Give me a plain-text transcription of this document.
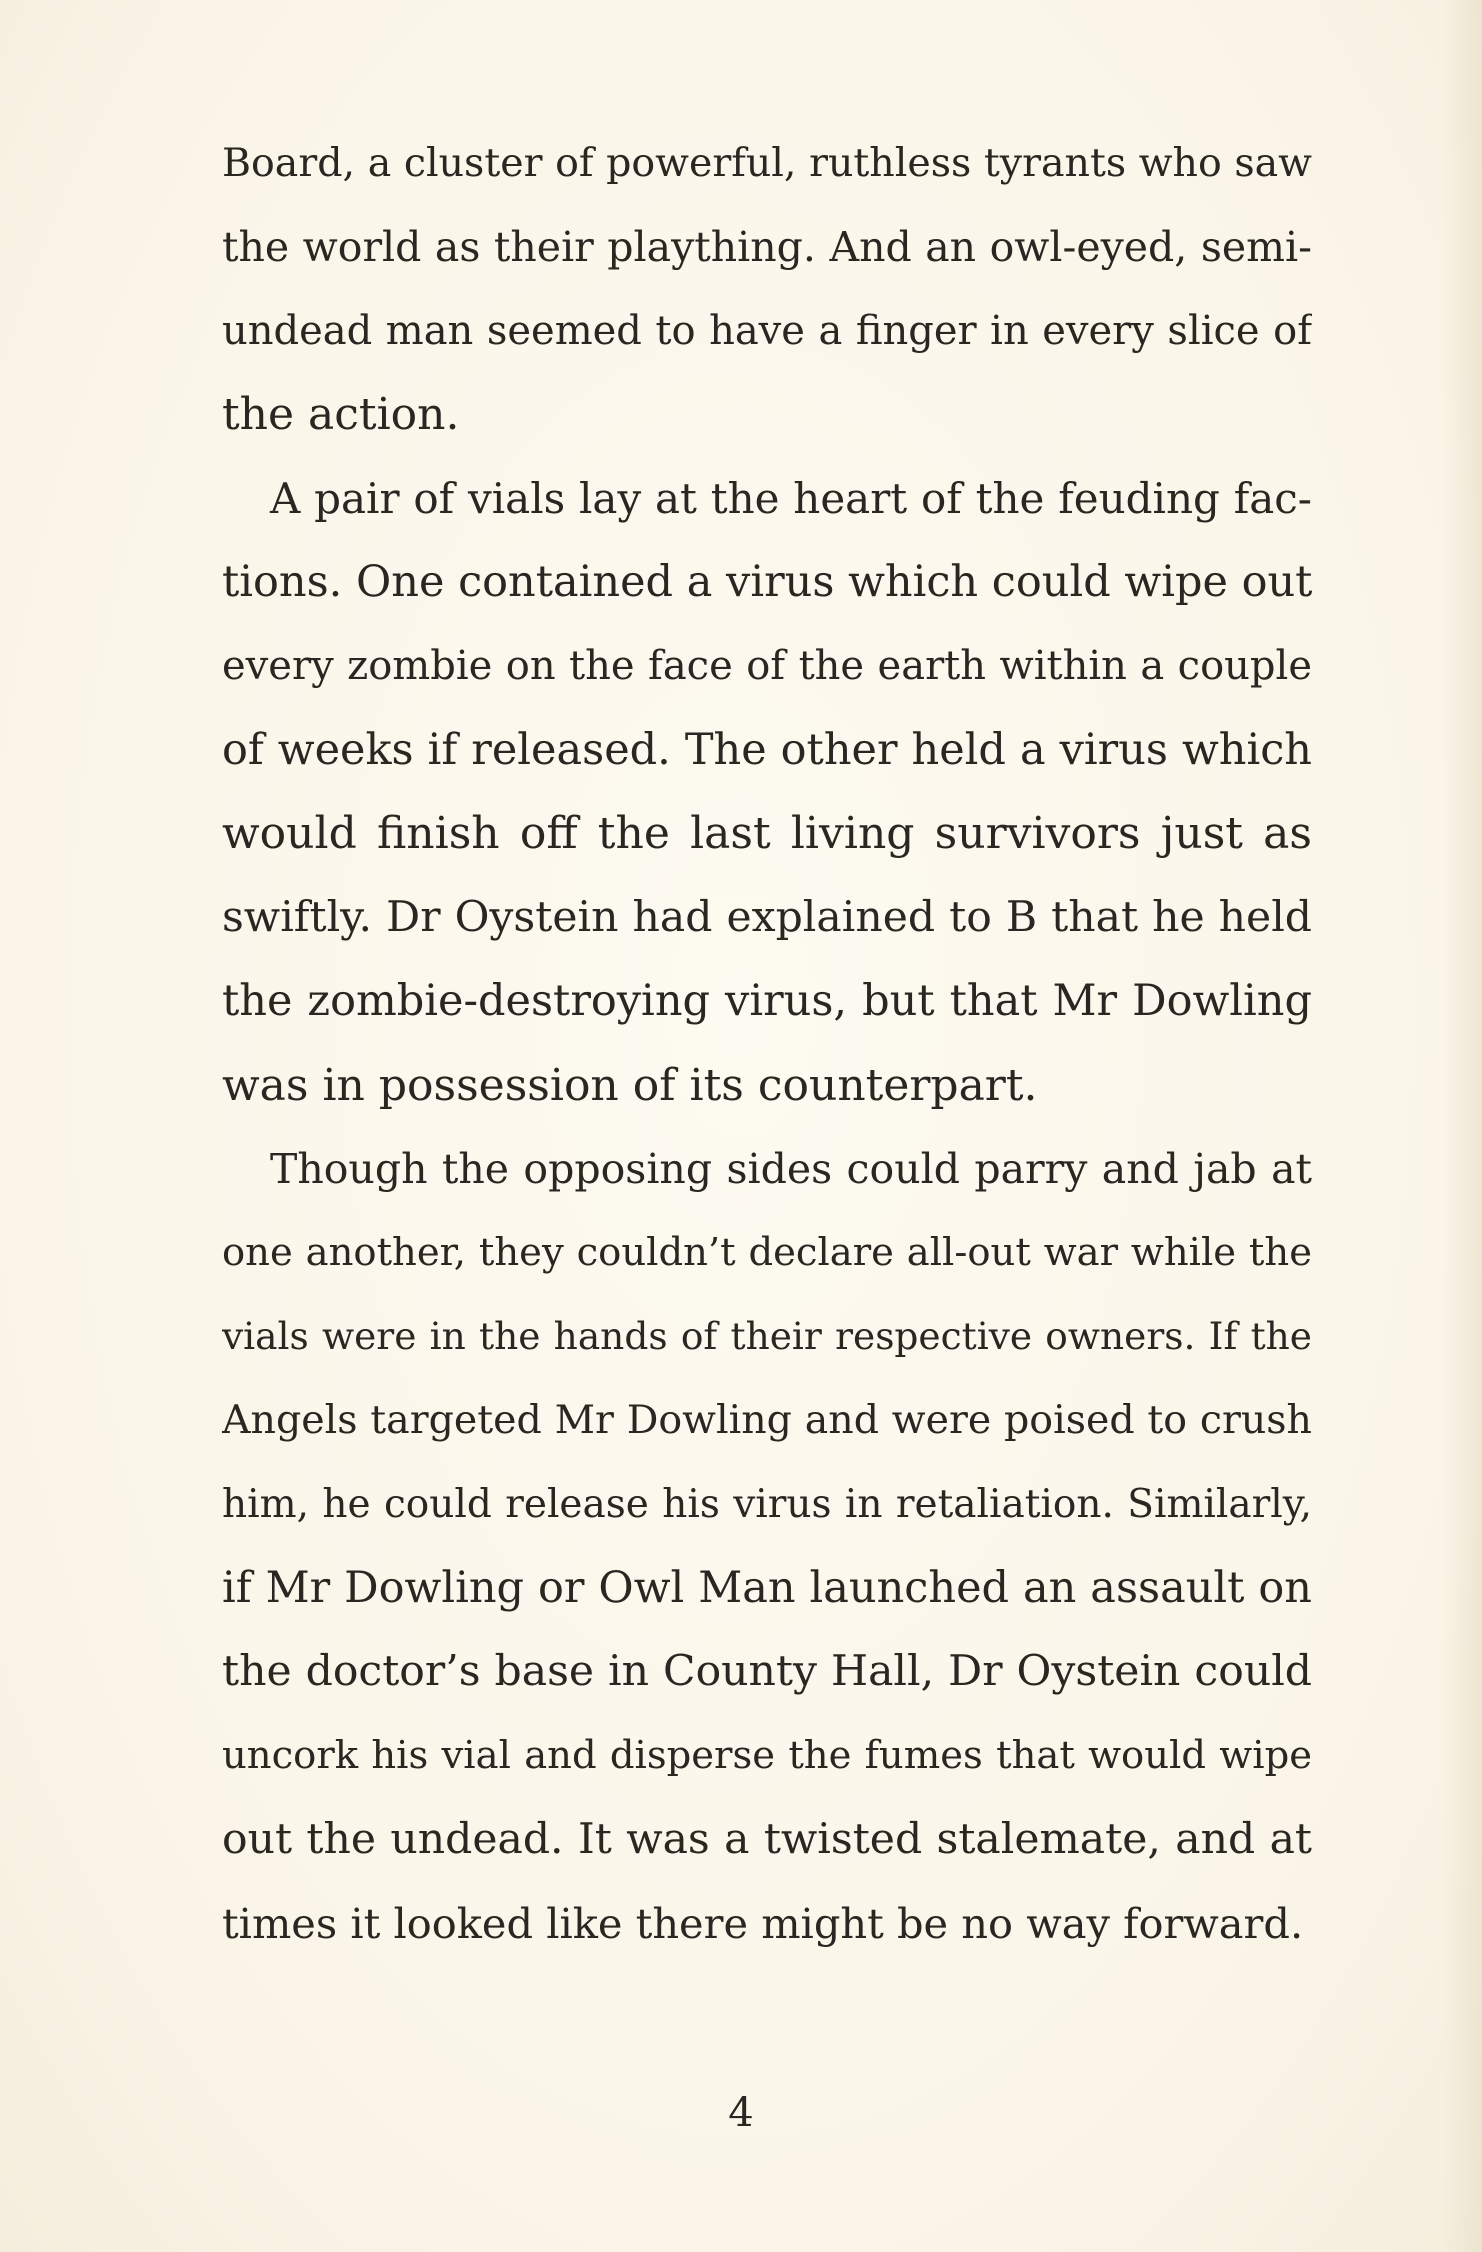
Board, a cluster of powerful, ruthless tyrants who saw
the world as their plaything. And an owl-eyed, semi-
undead man seemed to have a finger in every slice of
the action.
A pair of vials lay at the heart of the feuding fac-
tions. One contained a virus which could wipe out
every zombie on the face of the earth within a couple
of weeks if released. The other held a virus which
would finish off the last living survivors just as
swiftly. Dr Oystein had explained to B that he held
the zombie-destroying virus, but that Mr Dowling
was in possession of its counterpart.
Though the opposing sides could parry and jab at
one another, they couldn’t declare all-out war while the
vials were in the hands of their respective owners. If the
Angels targeted Mr Dowling and were poised to crush
him, he could release his virus in retaliation. Similarly,
if Mr Dowling or Owl Man launched an assault on
the doctor’s base in County Hall, Dr Oystein could
uncork his vial and disperse the fumes that would wipe
out the undead. It was a twisted stalemate, and at
times it looked like there might be no way forward.
4
